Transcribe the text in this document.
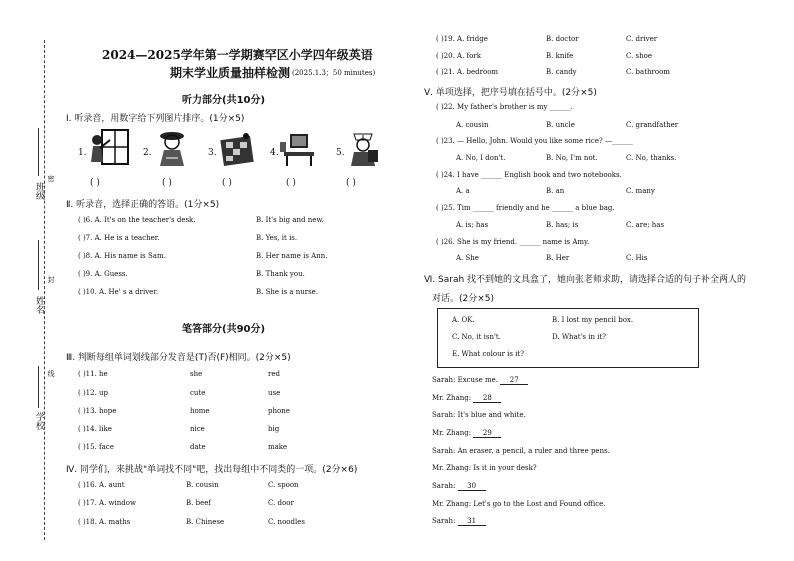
班级
密
姓名
封
学校
线
2024—2025学年第一学期赛罕区小学四年级英语
期末学业质量抽样检测 (2025.1.3；50 minutes)
听力部分(共10分)
Ⅰ. 听录音，用数字给下列图片排序。(1分×5)
1.	2.	3.	4.	5.
( )	( )	( )	( )	( )
Ⅱ. 听录音，选择正确的答语。(1分×5)
( )6. A. It's on the teacher's desk.	B. It's big and new.
( )7. A. He is a teacher.	B. Yes, it is.
( )8. A. His name is Sam.	B. Her name is Ann.
( )9. A. Guess.	B. Thank you.
( )10. A. He' s a driver.	B. She is a nurse.
笔答部分(共90分)
Ⅲ. 判断每组单词划线部分发音是(T)否(F)相同。(2分×5)
( )11. he	she	red
( )12. up	cute	use
( )13. hope	home	phone
( )14. like	nice	big
( )15. face	date	make
Ⅳ. 同学们，来挑战"单词找不同"吧，找出每组中不同类的一项。(2分×6)
( )16. A. aunt	B. cousin	C. spoon
( )17. A. window	B. beef	C. door
( )18. A. maths	B. Chinese	C. noodles
( )19. A. fridge	B. doctor	C. driver
( )20. A. fork	B. knife	C. shoe
( )21. A. bedroom	B. candy	C. bathroom
Ⅴ. 单项选择，把序号填在括号中。(2分×5)
( )22. My father's brother is my ______.
A. cousin	B. uncle	C. grandfather
( )23. — Hello, John. Would you like some rice? —______
A. No, I don't.	B. No, I'm not.	C. No, thanks.
( )24. I have ______ English book and two notebooks.
A. a	B. an	C. many
( )25. Tim ______ friendly and he ______ a blue bag.
A. is; has	B. has; is	C. are; has
( )26. She is my friend. ______ name is Amy.
A. She	B. Her	C. His
Ⅵ. Sarah 找不到她的文具盒了，她向张老师求助，请选择合适的句子补全两人的
对话。(2分×5)
A. OK.	B. I lost my pencil box.
C. No, it isn't.	D. What's in it?
E. What colour is it?
Sarah: Excuse me. 27
Mr. Zhang: 28
Sarah: It's blue and white.
Mr. Zhang: 29
Sarah: An eraser, a pencil, a ruler and three pens.
Mr. Zhang: Is it in your desk?
Sarah: 30
Mr. Zhang: Let's go to the Lost and Found office.
Sarah: 31
